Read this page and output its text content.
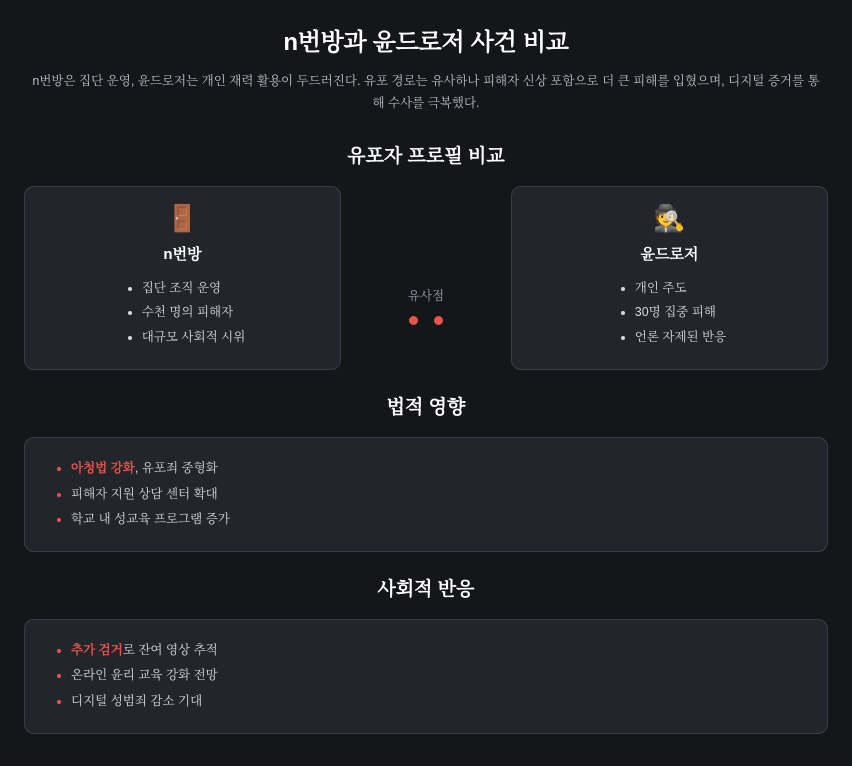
n번방과 윤드로저 사건 비교

n번방은 집단 운영, 윤드로저는 개인 재력 활용이 두드러진다. 유포 경로는 유사하나 피해자 신상 포함으로 더 큰 피해를 입혔으며, 디지털 증거를 통해 수사를 극복했다.

유포자 프로필 비교
🚪
n번방
• 집단 조직 운영
• 수천 명의 피해자
• 대규모 사회적 시위
유사점
🕵
윤드로저
• 개인 주도
• 30명 집중 피해
• 언론 자제된 반응
법적 영향
• 아청법 강화, 유포죄 중형화
• 피해자 지원 상담 센터 확대
• 학교 내 성교육 프로그램 증가
사회적 반응
• 추가 검거로 잔여 영상 추적
• 온라인 윤리 교육 강화 전망
• 디지털 성범죄 감소 기대
